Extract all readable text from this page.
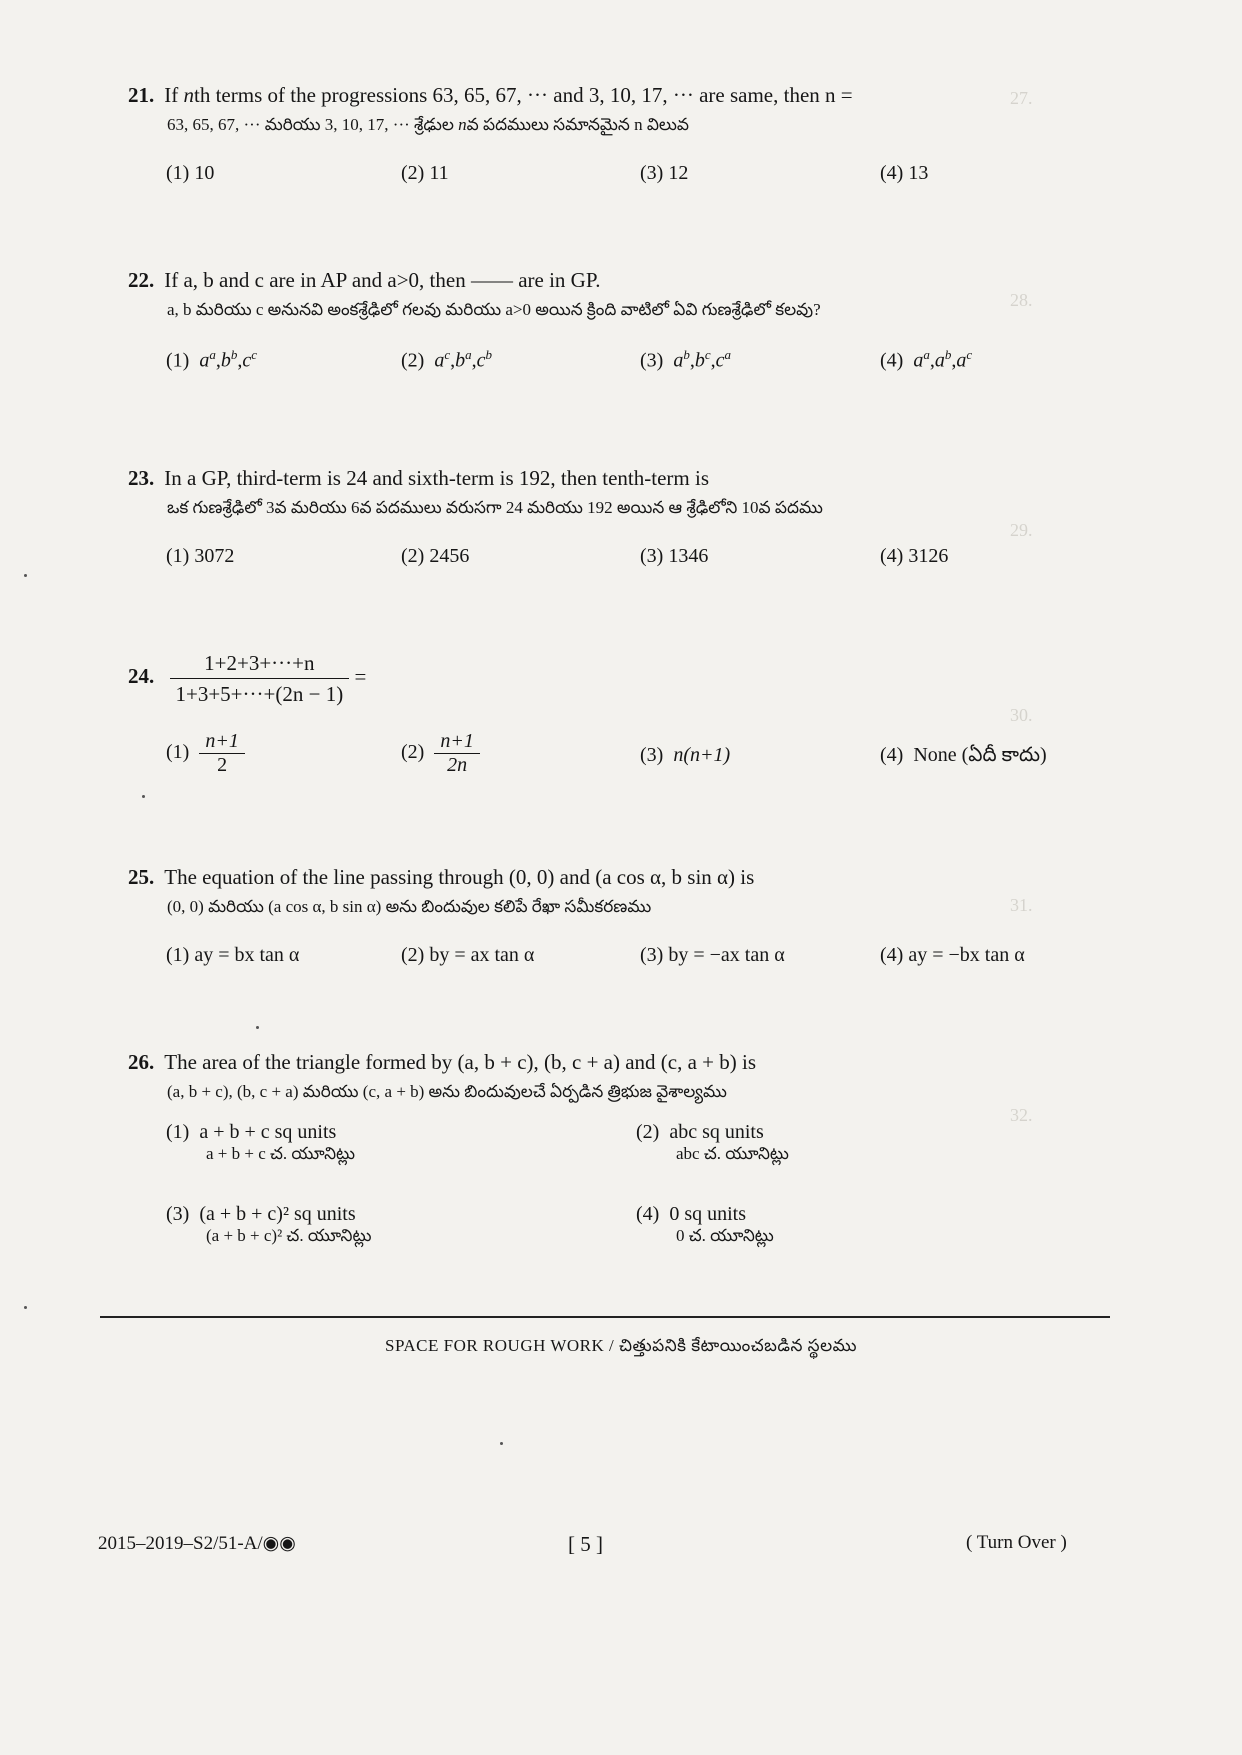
27.
28.
29.
30.
31.
32.
21. If nth terms of the progressions 63, 65, 67, ··· and 3, 10, 17, ··· are same, then n =
63, 65, 67, ··· మరియు 3, 10, 17, ··· శ్రేఢుల nవ పదములు సమానమైన n విలువ
(1) 10	(2) 11	(3) 12	(4) 13
22. If a, b and c are in AP and a>0, then —— are in GP.
a, b మరియు c అనునవి అంకశ్రేఢిలో గలవు మరియు a>0 అయిన క్రింది వాటిలో ఏవి గుణశ్రేఢిలో కలవు?
(1) $a^a,b^b,c^c$	(2) $a^c,b^a,c^b$	(3) $a^b,b^c,c^a$	(4) $a^a,a^b,a^c$
23. In a GP, third-term is 24 and sixth-term is 192, then tenth-term is
ఒక గుణశ్రేఢిలో 3వ మరియు 6వ పదములు వరుసగా 24 మరియు 192 అయిన ఆ శ్రేఢిలోని 10వ పదము
(1) 3072	(2) 2456	(3) 1346	(4) 3126
24. $\frac{1+2+3+\cdot\cdot\cdot+n}{1+3+5+\cdot\cdot\cdot+(2n - 1)}$ =
$(1) \frac{n+1}{2}$	$(2) \frac{n+1}{2n}$	(3) n(n+1)	(4) None (ఏదీ కాదు)
25. The equation of the line passing through (0, 0) and (a cos α, b sin α) is
(0, 0) మరియు (a cos α, b sin α) అను బిందువుల కలిపే రేఖా సమీకరణము
(1) ay = bx tan α	(2) by = ax tan α	(3) by = −ax tan α	(4) ay = −bx tan α
26. The area of the triangle formed by (a, b + c), (b, c + a) and (c, a + b) is
(a, b + c), (b, c + a) మరియు (c, a + b) అను బిందువులచే ఏర్పడిన త్రిభుజ వైశాల్యము
(1) a + b + c sq units
a + b + c చ. యూనిట్లు
(2) abc sq units
abc చ. యూనిట్లు
(3) (a + b + c)² sq units
(a + b + c)² చ. యూనిట్లు
(4) 0 sq units
0 చ. యూనిట్లు
SPACE FOR ROUGH WORK / చిత్తుపనికి కేటాయించబడిన స్థలము
2015–2019–S2/51-A/◉◉	[ 5 ]	( Turn Over )
